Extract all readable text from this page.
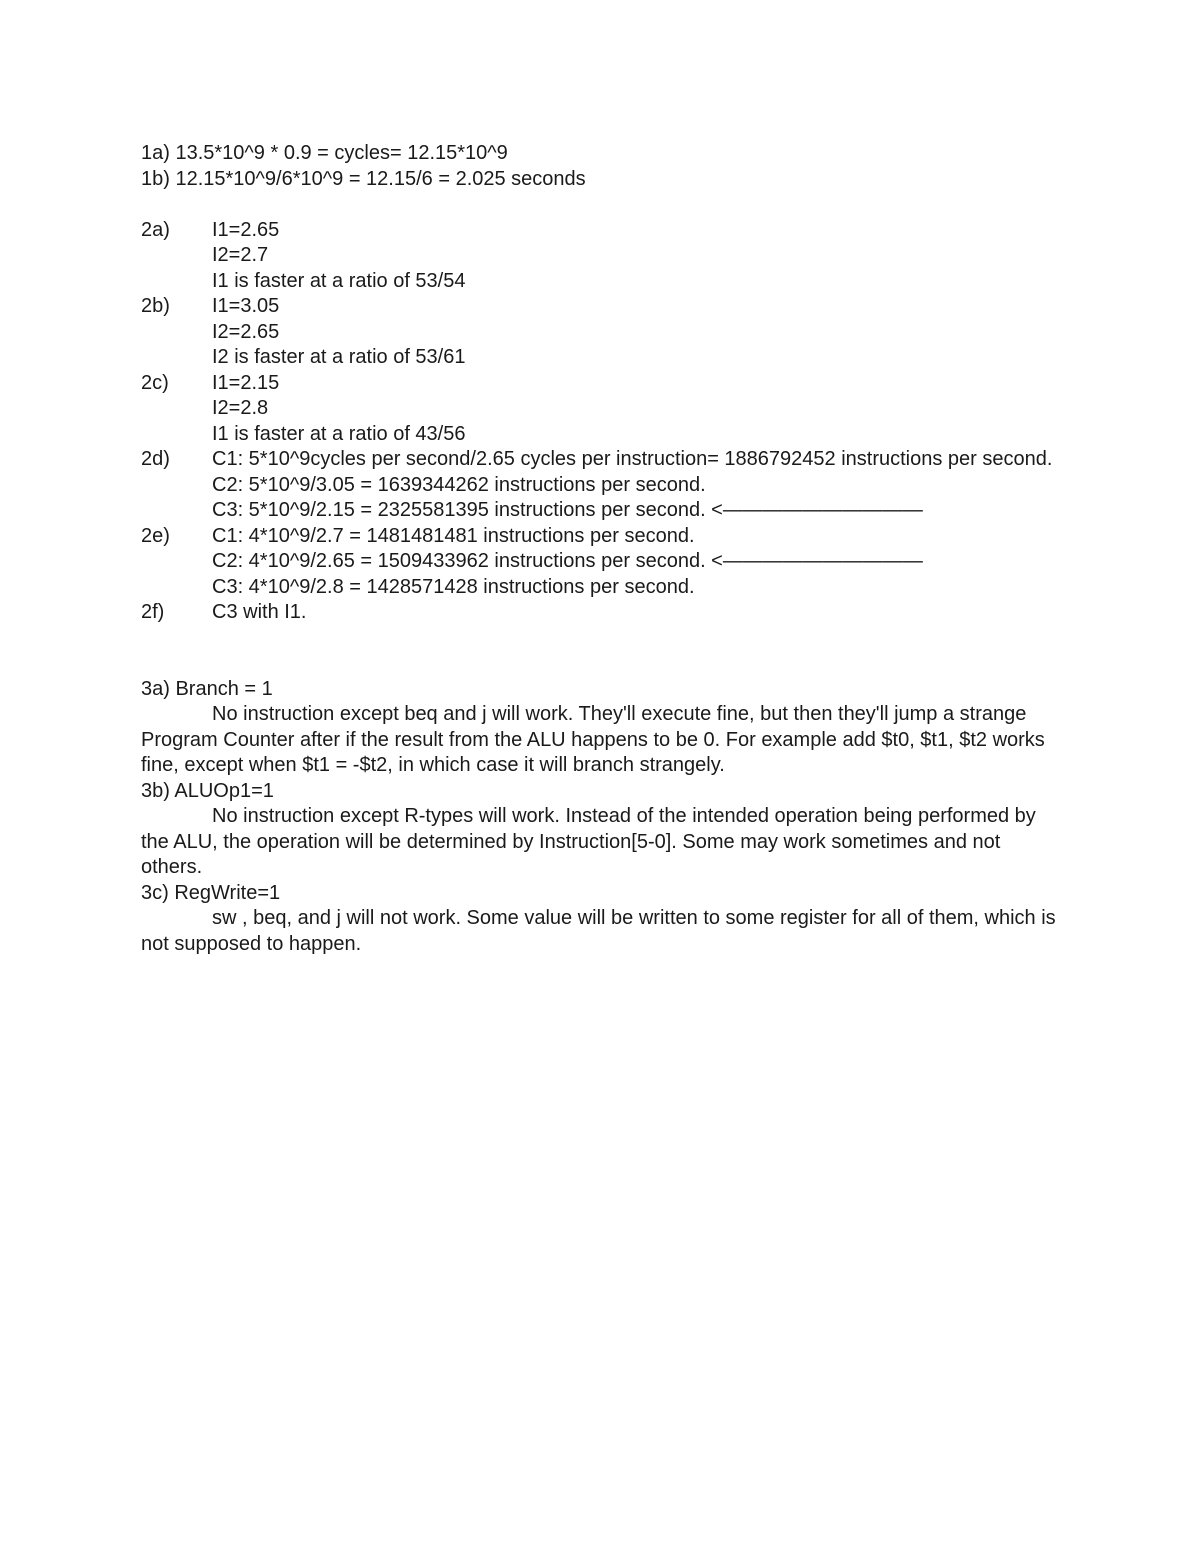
1a) 13.5*10^9 * 0.9 = cycles= 12.15*10^9
1b) 12.15*10^9/6*10^9 = 12.15/6 = 2.025 seconds
2a)	I1=2.65
I2=2.7
I1 is faster at a ratio of 53/54
2b)	I1=3.05
I2=2.65
I2 is faster at a ratio of 53/61
2c)	I1=2.15
I2=2.8
I1 is faster at a ratio of 43/56
2d) C1: 5*10^9cycles per second/2.65 cycles per instruction= 1886792452 instructions per second.
C2: 5*10^9/3.05 = 1639344262 instructions per second.
C3: 5*10^9/2.15 = 2325581395 instructions per second. <——————————
2e)	C1: 4*10^9/2.7 = 1481481481 instructions per second.
C2: 4*10^9/2.65 = 1509433962 instructions per second. <——————————
C3: 4*10^9/2.8 = 1428571428 instructions per second.
2f)	C3 with I1.
3a) Branch = 1
No instruction except beq and j will work. They'll execute fine, but then they'll jump a strange Program Counter after if the result from the ALU happens to be 0. For example add $t0, $t1, $t2 works fine, except when $t1 = -$t2, in which case it will branch strangely.
3b) ALUOp1=1
No instruction except R-types will work. Instead of the intended operation being performed by the ALU, the operation will be determined by Instruction[5-0]. Some may work sometimes and not others.
3c) RegWrite=1
sw , beq, and j will not work. Some value will be written to some register for all of them, which is not supposed to happen.
